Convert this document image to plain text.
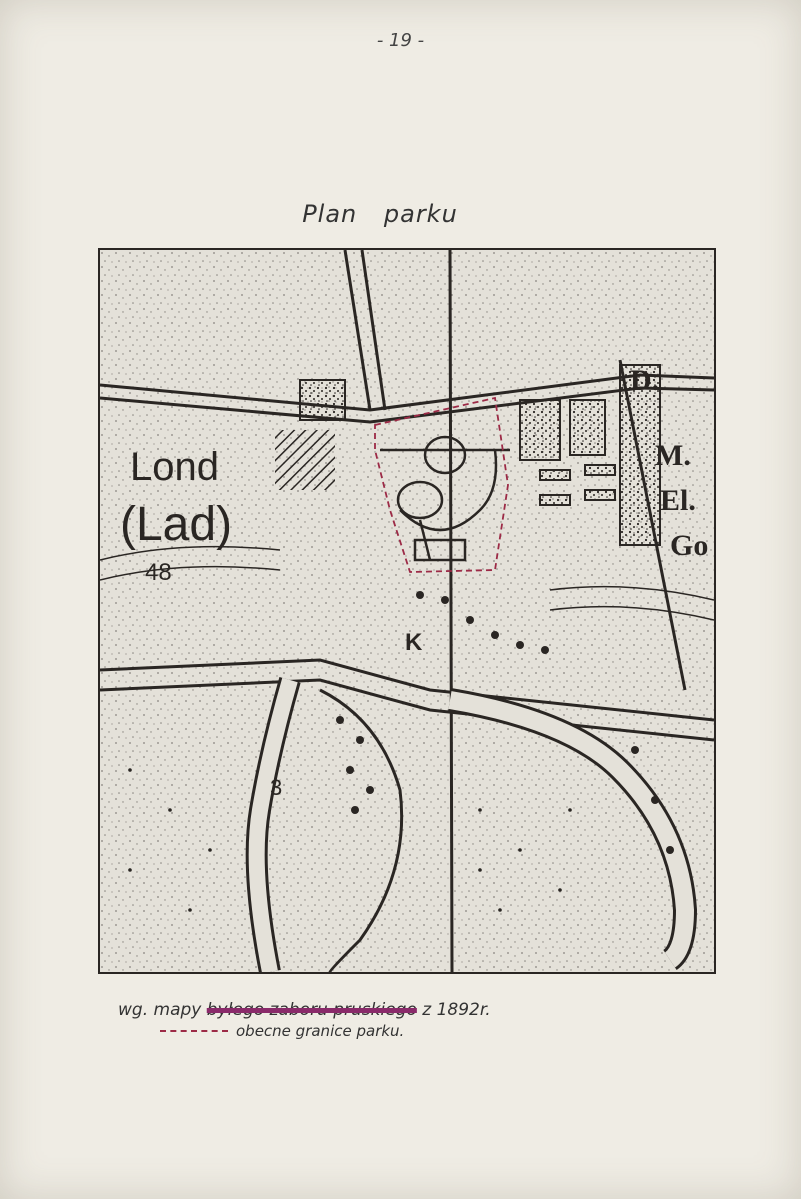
- 19 -
Plan parku
Lond
(Lad)
48
K
3
D.
M.
El.
Go
wg. mapy byłego zaboru pruskiego z 1892r.
obecne granice parku.
